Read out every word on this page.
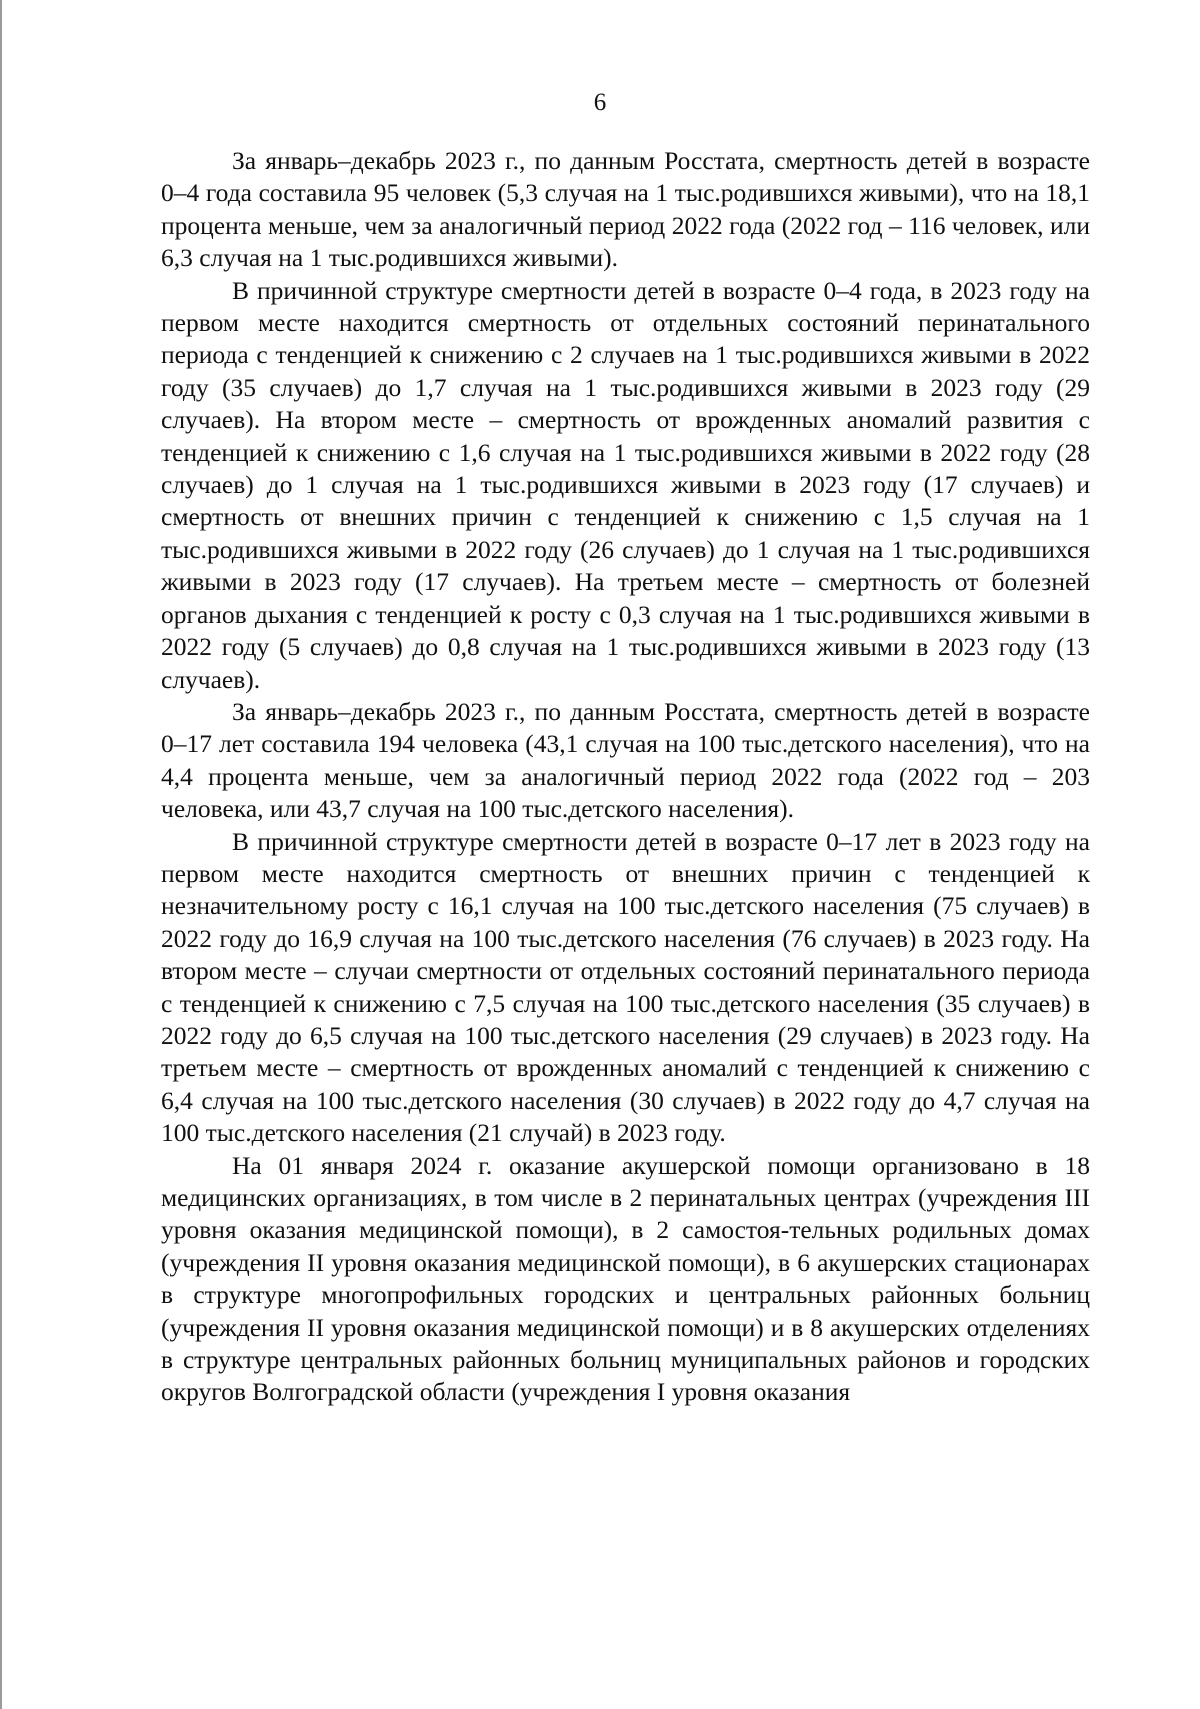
6

За январь–декабрь 2023 г., по данным Росстата, смертность детей в возрасте 0–4 года составила 95 человек (5,3 случая на 1 тыс.родившихся живыми), что на 18,1 процента меньше, чем за аналогичный период 2022 года (2022 год – 116 человек, или 6,3 случая на 1 тыс.родившихся живыми).

В причинной структуре смертности детей в возрасте 0–4 года, в 2023 году на первом месте находится смертность от отдельных состояний перинатального периода с тенденцией к снижению с 2 случаев на 1 тыс.родившихся живыми в 2022 году (35 случаев) до 1,7 случая на 1 тыс.родившихся живыми в 2023 году (29 случаев). На втором месте – смертность от врожденных аномалий развития с тенденцией к снижению с 1,6 случая на 1 тыс.родившихся живыми в 2022 году (28 случаев) до 1 случая на 1 тыс.родившихся живыми в 2023 году (17 случаев) и смертность от внешних причин с тенденцией к снижению с 1,5 случая на 1 тыс.родившихся живыми в 2022 году (26 случаев) до 1 случая на 1 тыс.родившихся живыми в 2023 году (17 случаев). На третьем месте – смертность от болезней органов дыхания с тенденцией к росту с 0,3 случая на 1 тыс.родившихся живыми в 2022 году (5 случаев) до 0,8 случая на 1 тыс.родившихся живыми в 2023 году (13 случаев).

За январь–декабрь 2023 г., по данным Росстата, смертность детей в возрасте 0–17 лет составила 194 человека (43,1 случая на 100 тыс.детского населения), что на 4,4 процента меньше, чем за аналогичный период 2022 года (2022 год – 203 человека, или 43,7 случая на 100 тыс.детского населения).

В причинной структуре смертности детей в возрасте 0–17 лет в 2023 году на первом месте находится смертность от внешних причин с тенденцией к незначительному росту с 16,1 случая на 100 тыс.детского населения (75 случаев) в 2022 году до 16,9 случая на 100 тыс.детского населения (76 случаев) в 2023 году. На втором месте – случаи смертности от отдельных состояний перинатального периода с тенденцией к снижению с 7,5 случая на 100 тыс.детского населения (35 случаев) в 2022 году до 6,5 случая на 100 тыс.детского населения (29 случаев) в 2023 году. На третьем месте – смертность от врожденных аномалий с тенденцией к снижению с 6,4 случая на 100 тыс.детского населения (30 случаев) в 2022 году до 4,7 случая на 100 тыс.детского населения (21 случай) в 2023 году.

На 01 января 2024 г. оказание акушерской помощи организовано в 18 медицинских организациях, в том числе в 2 перинатальных центрах (учреждения III уровня оказания медицинской помощи), в 2 самостоя-тельных родильных домах (учреждения II уровня оказания медицинской помощи), в 6 акушерских стационарах в структуре многопрофильных городских и центральных районных больниц (учреждения II уровня оказания медицинской помощи) и в 8 акушерских отделениях в структуре центральных районных больниц муниципальных районов и городских округов Волгоградской области (учреждения I уровня оказания
